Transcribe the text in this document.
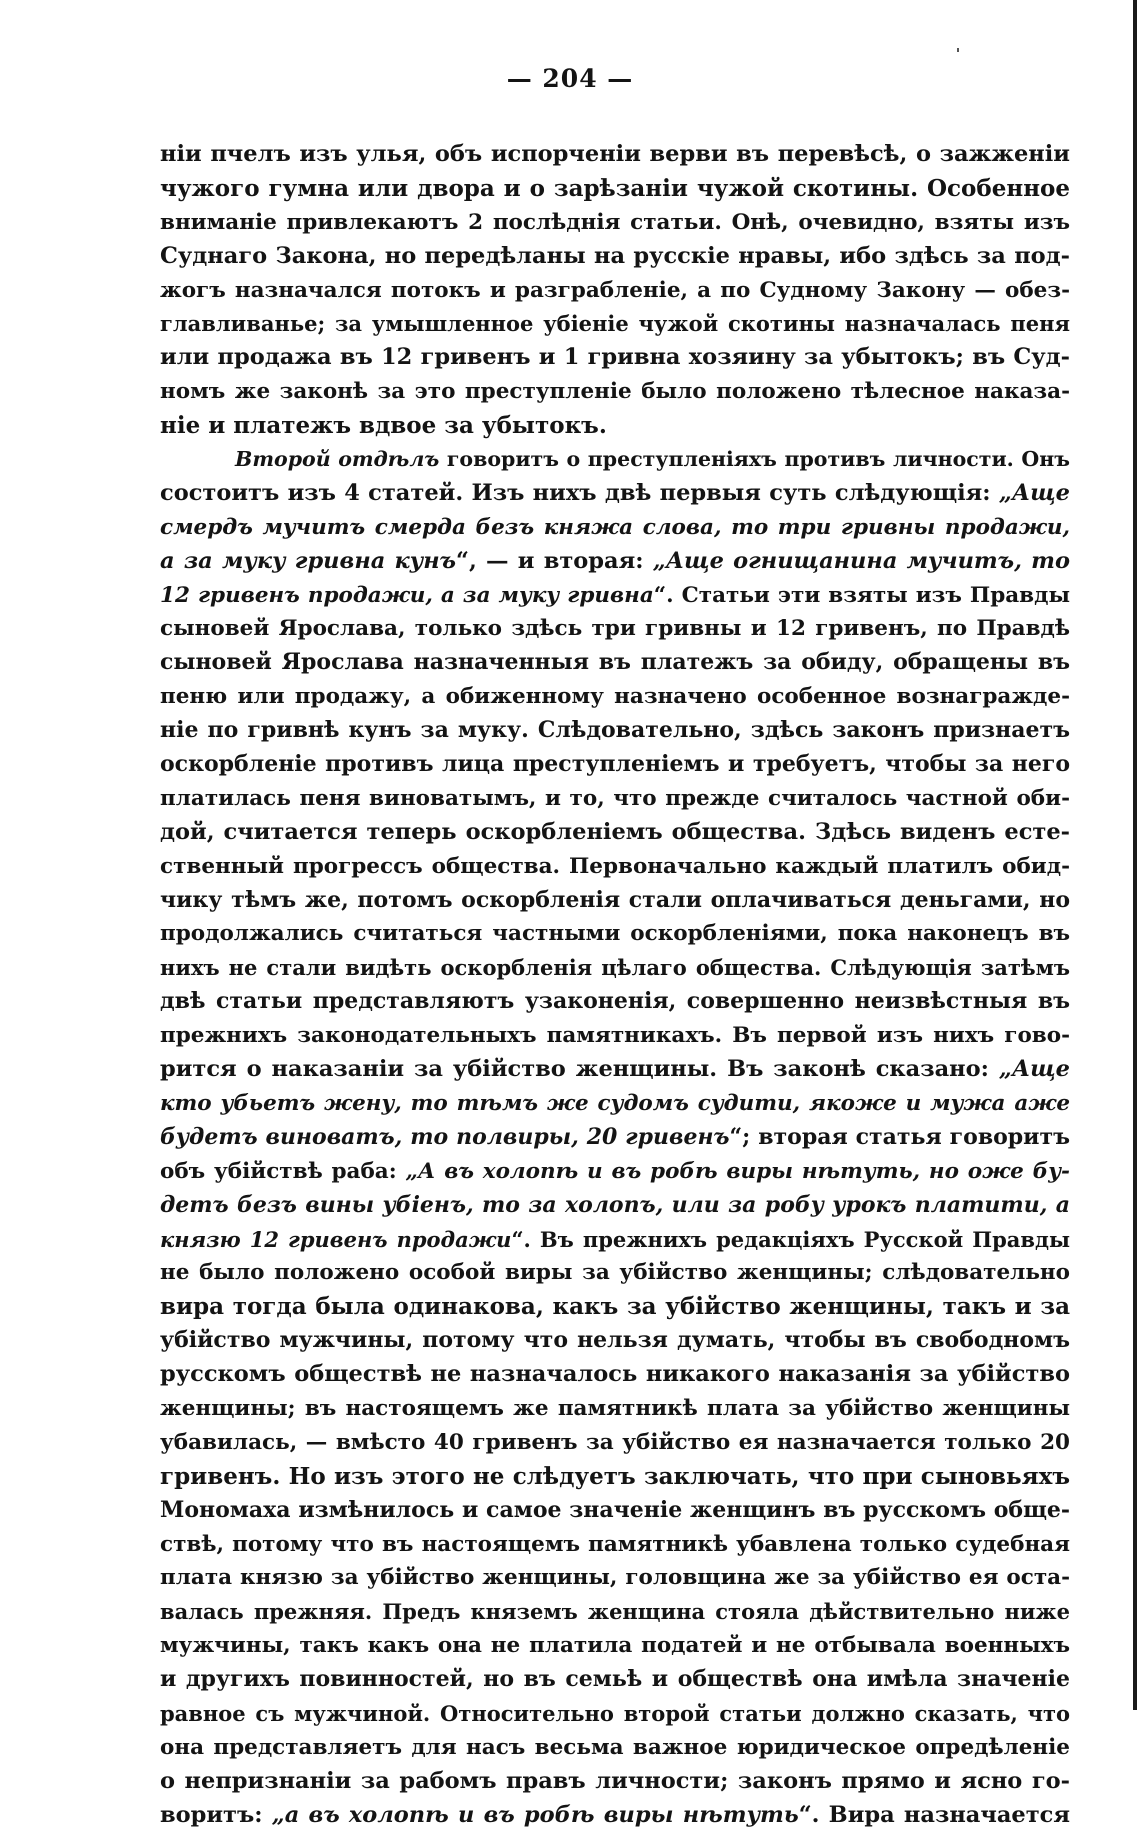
— 204 —
ніи пчелъ изъ улья, объ испорченіи верви въ перевѣсѣ, о зажженіи
чужого гумна или двора и о зарѣзаніи чужой скотины. Особенное
вниманіе привлекаютъ 2 послѣднія статьи. Онѣ, очевидно, взяты изъ
Суднаго Закона, но передѣланы на русскіе нравы, ибо здѣсь за под-
жогъ назначался потокъ и разграбленіе, а по Судному Закону — обез-
главливанье; за умышленное убіеніе чужой скотины назначалась пеня
или продажа въ 12 гривенъ и 1 гривна хозяину за убытокъ; въ Суд-
номъ же законѣ за это преступленіе было положено тѣлесное наказа-
ніе и платежъ вдвое за убытокъ.
Второй отдѣлъ говоритъ о преступленіяхъ противъ личности. Онъ
состоитъ изъ 4 статей. Изъ нихъ двѣ первыя суть слѣдующія: „Аще
смердъ мучитъ смерда безъ княжа слова, то три гривны продажи,
а за муку гривна кунъ“, — и вторая: „Аще огнищанина мучитъ, то
12 гривенъ продажи, а за муку гривна“. Статьи эти взяты изъ Правды
сыновей Ярослава, только здѣсь три гривны и 12 гривенъ, по Правдѣ
сыновей Ярослава назначенныя въ платежъ за обиду, обращены въ
пеню или продажу, а обиженному назначено особенное вознагражде-
ніе по гривнѣ кунъ за муку. Слѣдовательно, здѣсь законъ признаетъ
оскорбленіе противъ лица преступленіемъ и требуетъ, чтобы за него
платилась пеня виноватымъ, и то, что прежде считалось частной оби-
дой, считается теперь оскорбленіемъ общества. Здѣсь виденъ есте-
ственный прогрессъ общества. Первоначально каждый платилъ обид-
чику тѣмъ же, потомъ оскорбленія стали оплачиваться деньгами, но
продолжались считаться частными оскорбленіями, пока наконецъ въ
нихъ не стали видѣть оскорбленія цѣлаго общества. Слѣдующія затѣмъ
двѣ статьи представляютъ узаконенія, совершенно неизвѣстныя въ
прежнихъ законодательныхъ памятникахъ. Въ первой изъ нихъ гово-
рится о наказаніи за убійство женщины. Въ законѣ сказано: „Аще
кто убьетъ жену, то тѣмъ же судомъ судити, якоже и мужа аже
будетъ виноватъ, то полвиры, 20 гривенъ“; вторая статья говоритъ
объ убійствѣ раба: „А въ холопѣ и въ робѣ виры нѣтуть, но оже бу-
детъ безъ вины убіенъ, то за холопъ, или за робу урокъ платити, а
князю 12 гривенъ продажи“. Въ прежнихъ редакціяхъ Русской Правды
не было положено особой виры за убійство женщины; слѣдовательно
вира тогда была одинакова, какъ за убійство женщины, такъ и за
убійство мужчины, потому что нельзя думать, чтобы въ свободномъ
русскомъ обществѣ не назначалось никакого наказанія за убійство
женщины; въ настоящемъ же памятникѣ плата за убійство женщины
убавилась, — вмѣсто 40 гривенъ за убійство ея назначается только 20
гривенъ. Но изъ этого не слѣдуетъ заключать, что при сыновьяхъ
Мономаха измѣнилось и самое значеніе женщинъ въ русскомъ обще-
ствѣ, потому что въ настоящемъ памятникѣ убавлена только судебная
плата князю за убійство женщины, головщина же за убійство ея оста-
валась прежняя. Предъ княземъ женщина стояла дѣйствительно ниже
мужчины, такъ какъ она не платила податей и не отбывала военныхъ
и другихъ повинностей, но въ семьѣ и обществѣ она имѣла значеніе
равное съ мужчиной. Относительно второй статьи должно сказать, что
она представляетъ для насъ весьма важное юридическое опредѣленіе
о непризнаніи за рабомъ правъ личности; законъ прямо и ясно го-
воритъ: „а въ холопѣ и въ робѣ виры нѣтуть“. Вира назначается
